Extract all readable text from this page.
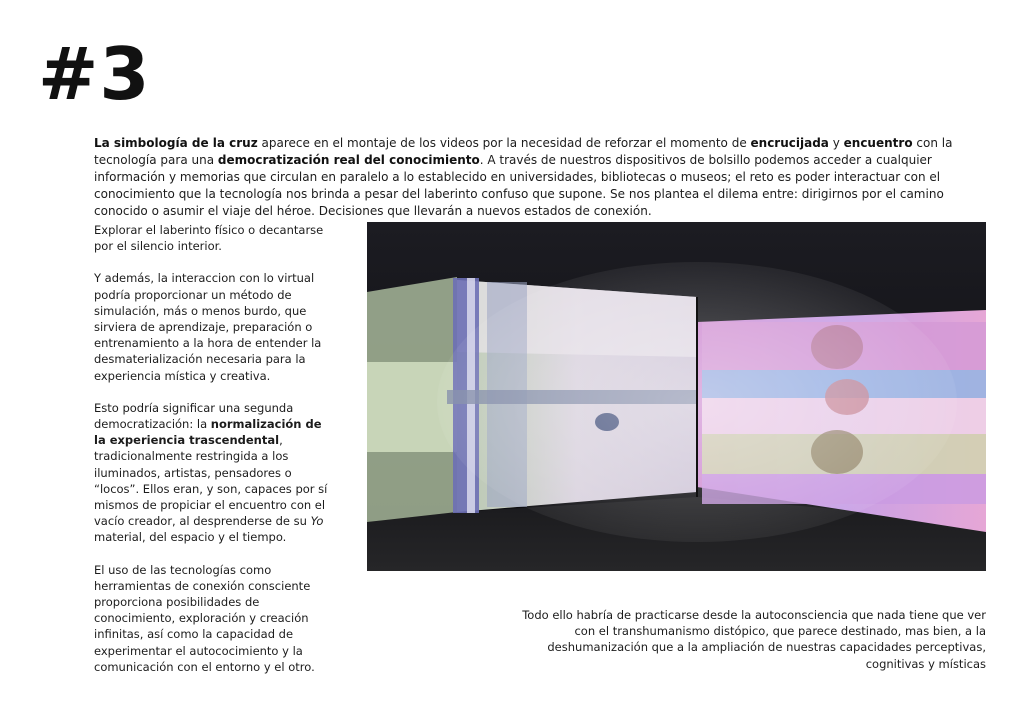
#3
La simbología de la cruz aparece en el montaje de los videos por la necesidad de reforzar el momento de encrucijada y encuentro con la tecnología para una democratización real del conocimiento. A través de nuestros dispositivos de bolsillo podemos acceder a cualquier información y memorias que circulan en paralelo a lo establecido en universidades, bibliotecas o museos; el reto es poder interactuar con el conocimiento que la tecnología nos brinda a pesar del laberinto confuso que supone. Se nos plantea el dilema entre: dirigirnos por el camino conocido o asumir el viaje del héroe. Decisiones que llevarán a nuevos estados de conexión.

Explorar el laberinto físico o decantarse por el silencio interior.

Y además, la interaccion con lo virtual podría proporcionar un método de simulación, más o menos burdo, que sirviera de aprendizaje, preparación o entrenamiento a la hora de entender la desmaterialización necesaria para la experiencia mística y creativa.

Esto podría significar una segunda democratización: la normalización de la experiencia trascendental, tradicionalmente restringida a los iluminados, artistas, pensadores o “locos”. Ellos eran, y son, capaces por sí mismos de propiciar el encuentro con el vacío creador, al desprenderse de su Yo material, del espacio y el tiempo.

El uso de las tecnologías como herramientas de conexión consciente proporciona posibilidades de conocimiento, exploración y creación infinitas, así como la capacidad de experimentar el autococimiento y la comunicación con el entorno y el otro.

Todo ello habría de practicarse desde la autoconsciencia que nada tiene que ver con el transhumanismo distópico, que parece destinado, mas bien, a la deshumanización que a la ampliación de nuestras capacidades perceptivas, cognitivas y místicas
